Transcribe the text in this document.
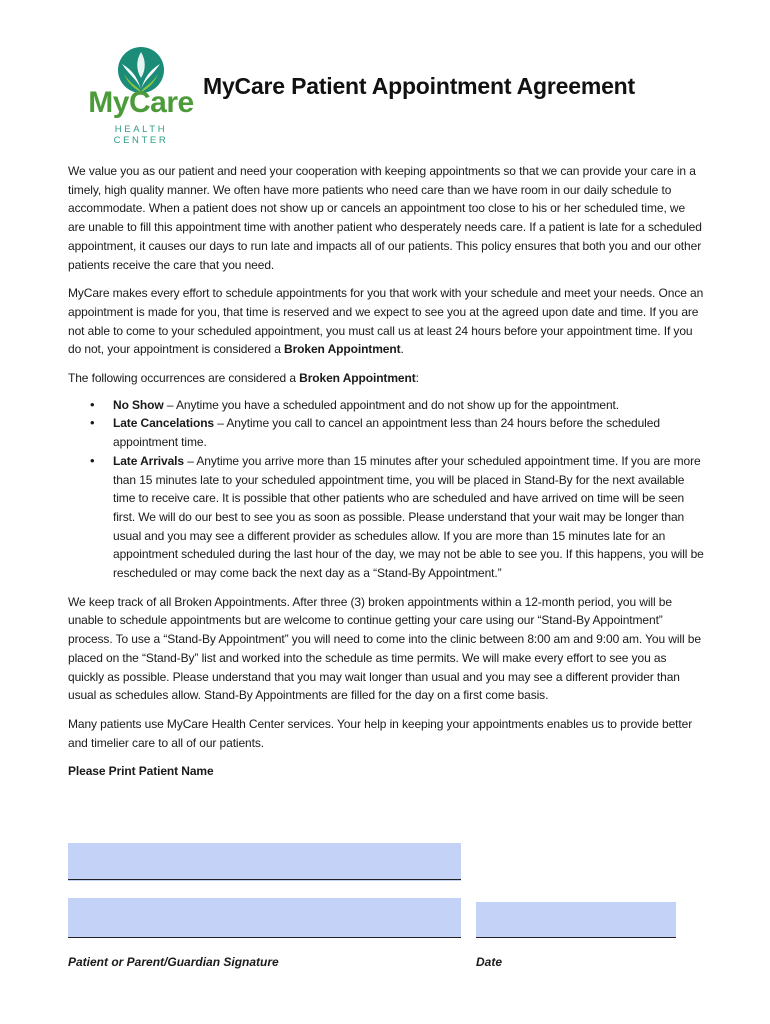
MyCare
HEALTH CENTER
MyCare Patient Appointment Agreement

We value you as our patient and need your cooperation with keeping appointments so that we can provide your care in a timely, high quality manner. We often have more patients who need care than we have room in our daily schedule to accommodate. When a patient does not show up or cancels an appointment too close to his or her scheduled time, we are unable to fill this appointment time with another patient who desperately needs care. If a patient is late for a scheduled appointment, it causes our days to run late and impacts all of our patients. This policy ensures that both you and our other patients receive the care that you need.

MyCare makes every effort to schedule appointments for you that work with your schedule and meet your needs. Once an appointment is made for you, that time is reserved and we expect to see you at the agreed upon date and time. If you are not able to come to your scheduled appointment, you must call us at least 24 hours before your appointment time. If you do not, your appointment is considered a Broken Appointment.

The following occurrences are considered a Broken Appointment:

• No Show – Anytime you have a scheduled appointment and do not show up for the appointment.
• Late Cancelations – Anytime you call to cancel an appointment less than 24 hours before the scheduled appointment time.
• Late Arrivals – Anytime you arrive more than 15 minutes after your scheduled appointment time. If you are more than 15 minutes late to your scheduled appointment time, you will be placed in Stand-By for the next available time to receive care. It is possible that other patients who are scheduled and have arrived on time will be seen first. We will do our best to see you as soon as possible. Please understand that your wait may be longer than usual and you may see a different provider as schedules allow. If you are more than 15 minutes late for an appointment scheduled during the last hour of the day, we may not be able to see you. If this happens, you will be rescheduled or may come back the next day as a “Stand-By Appointment.”

We keep track of all Broken Appointments. After three (3) broken appointments within a 12-month period, you will be unable to schedule appointments but are welcome to continue getting your care using our “Stand-By Appointment” process. To use a “Stand-By Appointment” you will need to come into the clinic between 8:00 am and 9:00 am. You will be placed on the “Stand-By” list and worked into the schedule as time permits. We will make every effort to see you as quickly as possible. Please understand that you may wait longer than usual and you may see a different provider than usual as schedules allow. Stand-By Appointments are filled for the day on a first come basis.

Many patients use MyCare Health Center services. Your help in keeping your appointments enables us to provide better and timelier care to all of our patients.

Please Print Patient Name

Patient or Parent/Guardian Signature	Date
